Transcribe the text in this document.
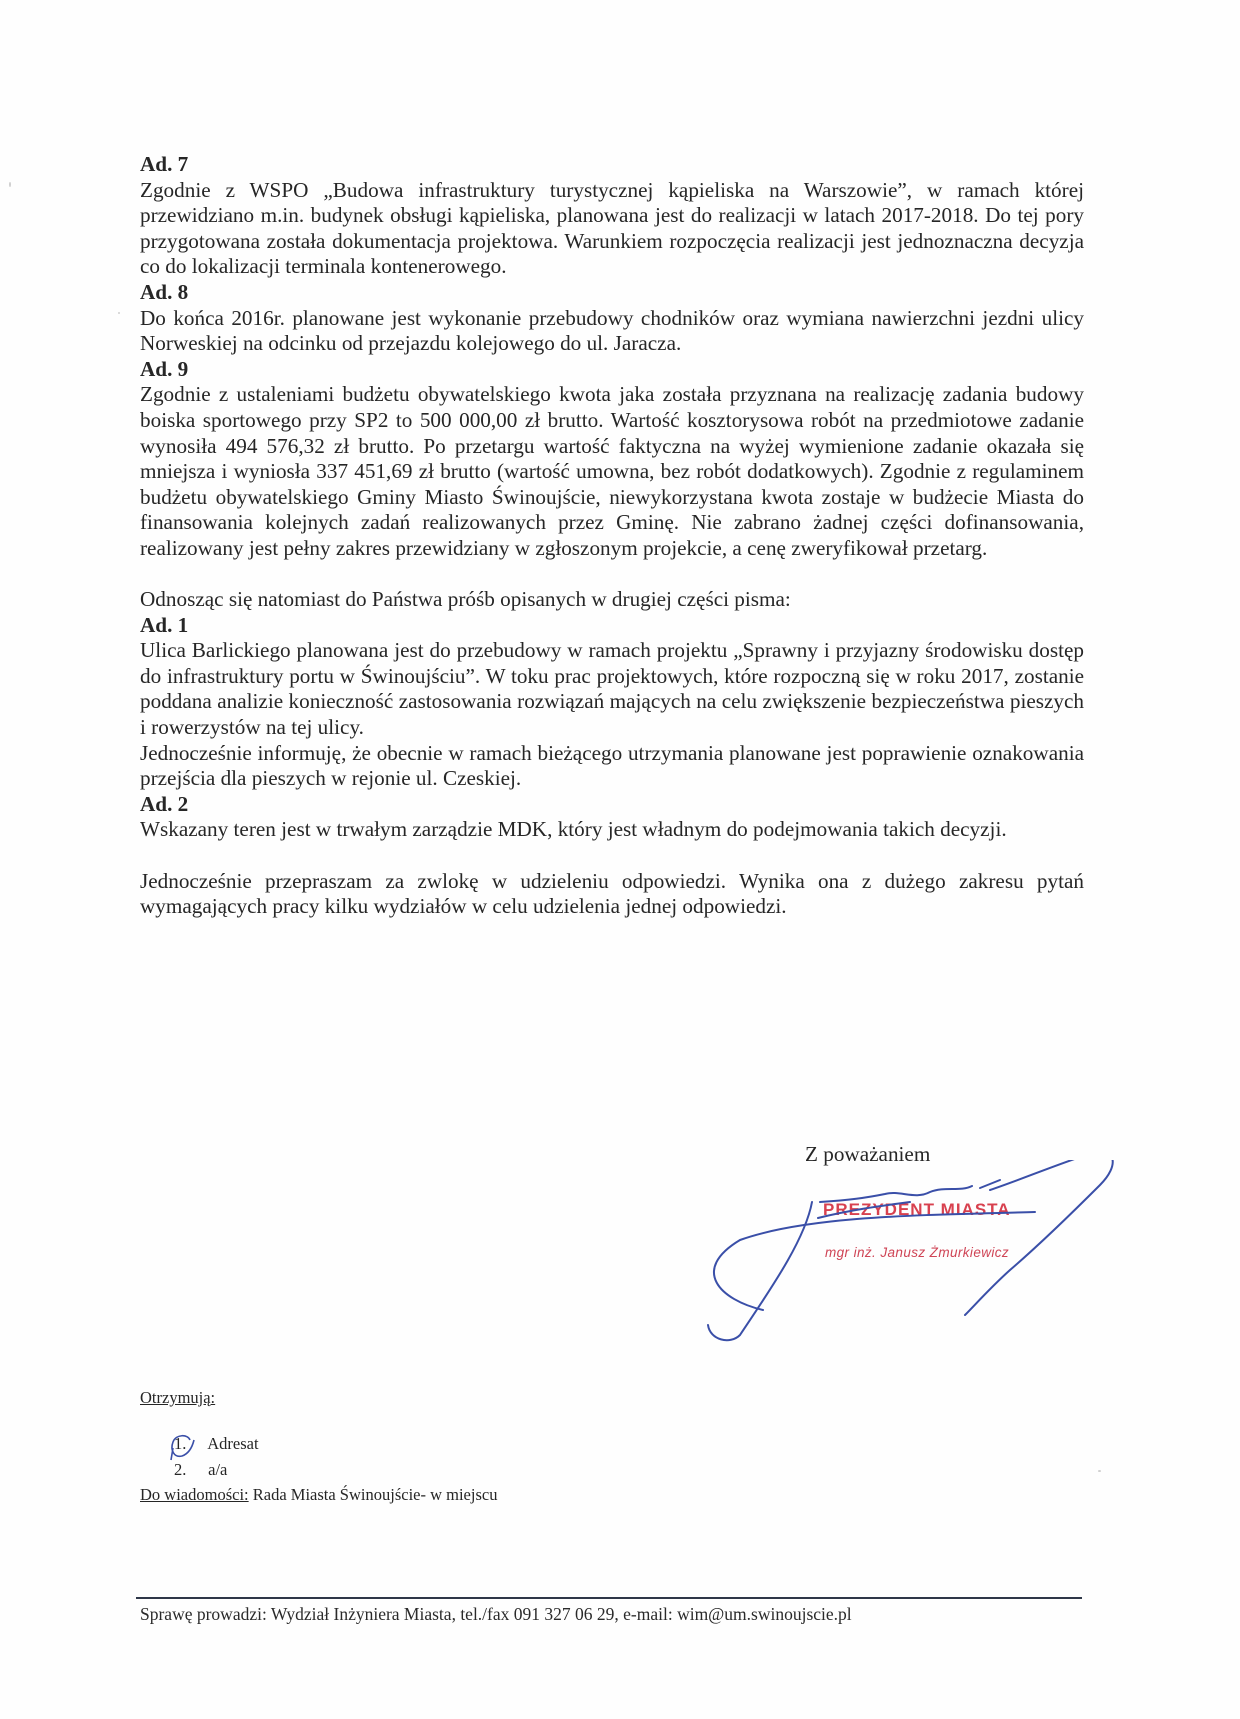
Ad. 7
Zgodnie z WSPO „Budowa infrastruktury turystycznej kąpieliska na Warszowie”, w ramach której przewidziano m.in. budynek obsługi kąpieliska, planowana jest do realizacji w latach 2017-2018. Do tej pory przygotowana została dokumentacja projektowa. Warunkiem rozpoczęcia realizacji jest jednoznaczna decyzja co do lokalizacji terminala kontenerowego.
Ad. 8
Do końca 2016r. planowane jest wykonanie przebudowy chodników oraz wymiana nawierzchni jezdni ulicy Norweskiej na odcinku od przejazdu kolejowego do ul. Jaracza.
Ad. 9
Zgodnie z ustaleniami budżetu obywatelskiego kwota jaka została przyznana na realizację zadania budowy boiska sportowego przy SP2 to 500 000,00 zł brutto. Wartość kosztorysowa robót na przedmiotowe zadanie wynosiła 494 576,32 zł brutto. Po przetargu wartość faktyczna na wyżej wymienione zadanie okazała się mniejsza i wyniosła 337 451,69 zł brutto (wartość umowna, bez robót dodatkowych). Zgodnie z regulaminem budżetu obywatelskiego Gminy Miasto Świnoujście, niewykorzystana kwota zostaje w budżecie Miasta do finansowania kolejnych zadań realizowanych przez Gminę. Nie zabrano żadnej części dofinansowania, realizowany jest pełny zakres przewidziany w zgłoszonym projekcie, a cenę zweryfikował przetarg.
Odnosząc się natomiast do Państwa próśb opisanych w drugiej części pisma:
Ad. 1
Ulica Barlickiego planowana jest do przebudowy w ramach projektu „Sprawny i przyjazny środowisku dostęp do infrastruktury portu w Świnoujściu”. W toku prac projektowych, które rozpoczną się w roku 2017, zostanie poddana analizie konieczność zastosowania rozwiązań mających na celu zwiększenie bezpieczeństwa pieszych i rowerzystów na tej ulicy.
Jednocześnie informuję, że obecnie w ramach bieżącego utrzymania planowane jest poprawienie oznakowania przejścia dla pieszych w rejonie ul. Czeskiej.
Ad. 2
Wskazany teren jest w trwałym zarządzie MDK, który jest władnym do podejmowania takich decyzji.
Jednocześnie przepraszam za zwlokę w udzieleniu odpowiedzi. Wynika ona z dużego zakresu pytań wymagających pracy kilku wydziałów w celu udzielenia jednej odpowiedzi.
Z poważaniem
PREZYDENT MIASTA
mgr inż. Janusz Żmurkiewicz
Otrzymują:
1. Adresat
2. a/a
Do wiadomości: Rada Miasta Świnoujście- w miejscu
Sprawę prowadzi: Wydział Inżyniera Miasta, tel./fax 091 327 06 29, e-mail: wim@um.swinoujscie.pl
